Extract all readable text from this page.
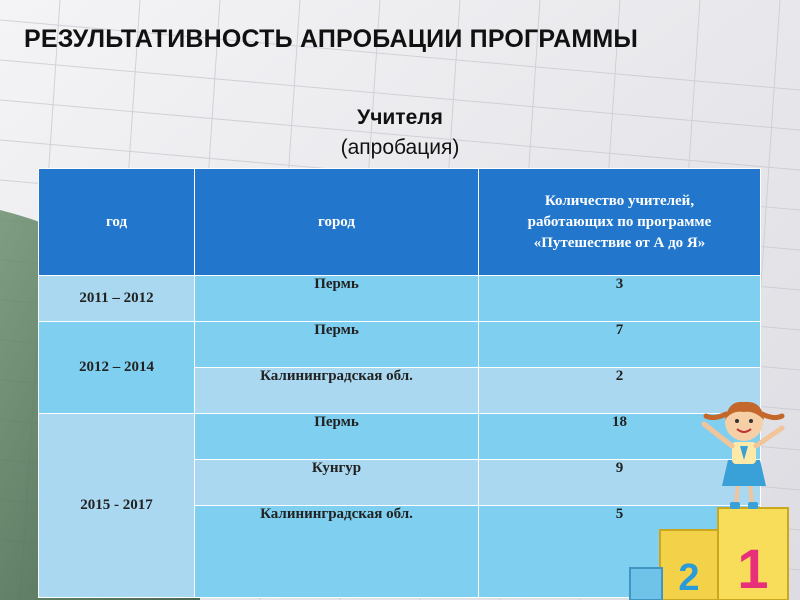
РЕЗУЛЬТАТИВНОСТЬ АПРОБАЦИИ ПРОГРАММЫ
Учителя
(апробация)
год	город	Количество учителей,
работающих по программе
«Путешествие от А до Я»
2011 – 2012	Пермь	3
2012 – 2014	Пермь	7
	Калининградская обл.	2
2015 - 2017	Пермь	18
	Кунгур	9
	Калининградская обл.	5
2 1
